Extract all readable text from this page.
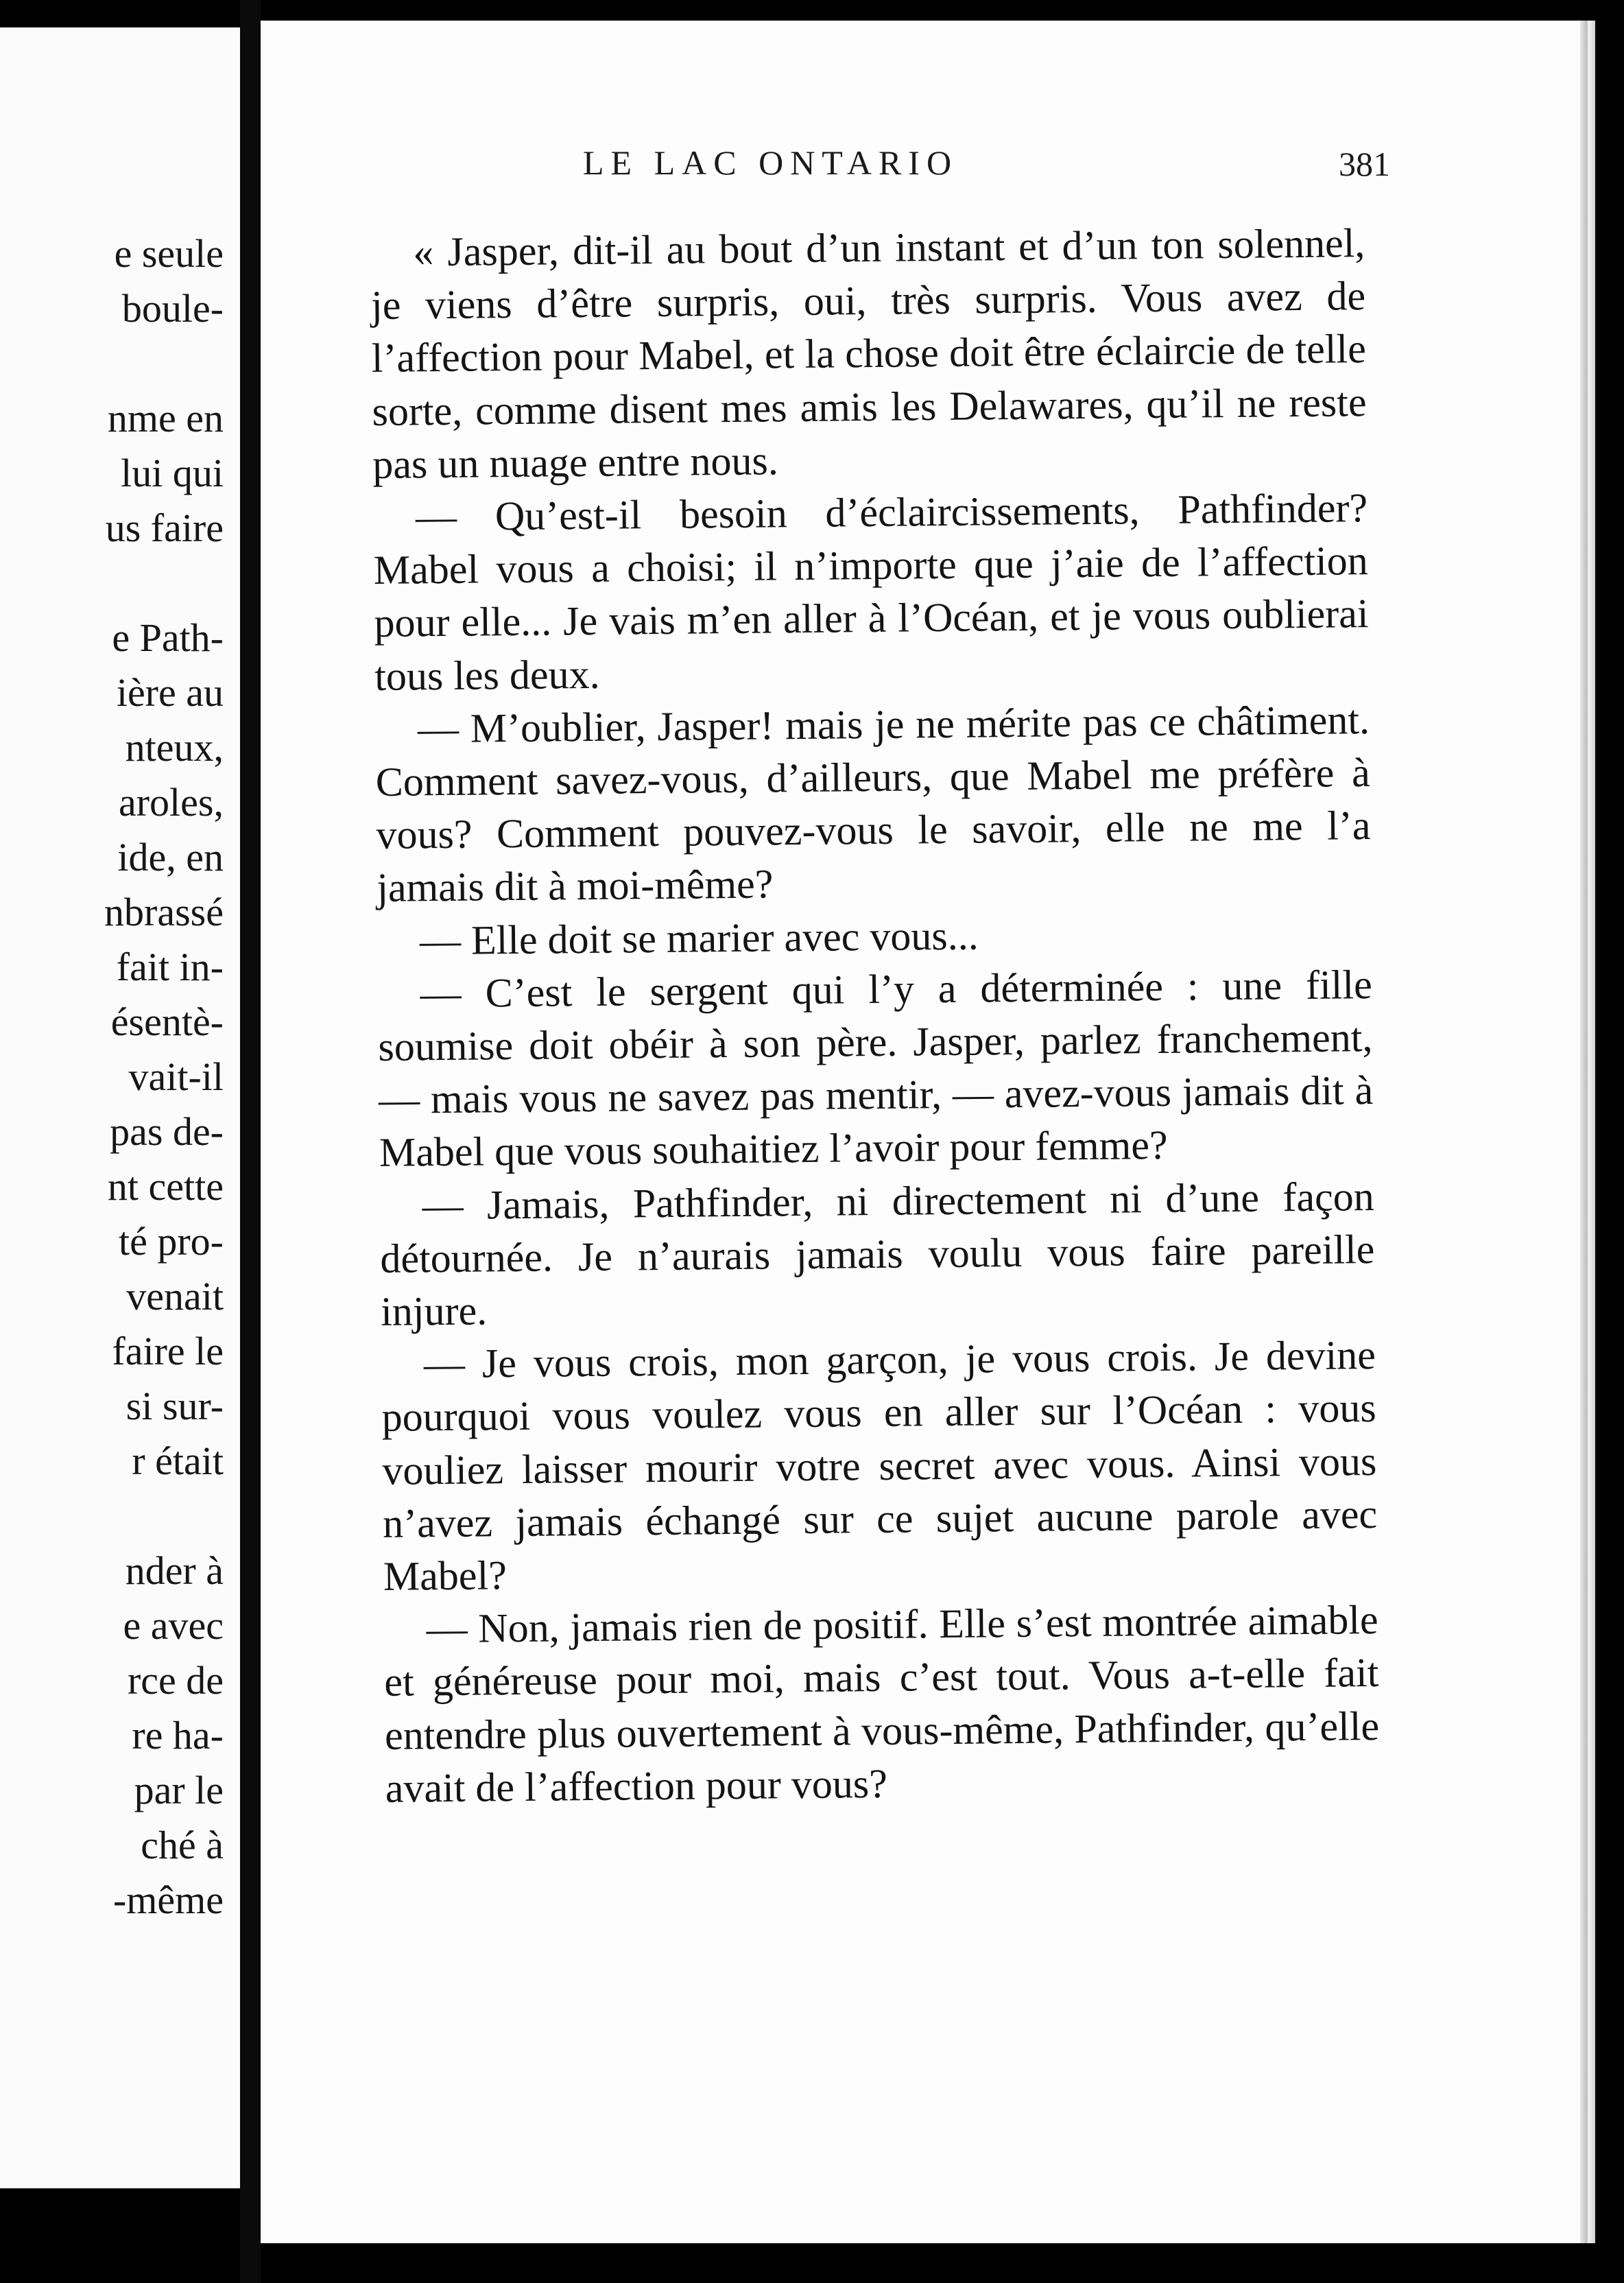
e seule
boule-
nme en
lui qui
us faire
e Path-
ière au
nteux,
aroles,
ide, en
nbrassé
fait in-
ésentè-
vait-il
pas de-
nt cette
té pro-
venait
faire le
si sur-
r était
nder à
e avec
rce de
re ha-
par le
ché à
-même
LE LAC ONTARIO	381

« Jasper, dit-il au bout d’un instant et d’un ton solennel, je viens d’être surpris, oui, très surpris. Vous avez de l’affection pour Mabel, et la chose doit être éclaircie de telle sorte, comme disent mes amis les Delawares, qu’il ne reste pas un nuage entre nous.

— Qu’est-il besoin d’éclaircissements, Pathfinder? Mabel vous a choisi; il n’importe que j’aie de l’affection pour elle... Je vais m’en aller à l’Océan, et je vous oublierai tous les deux.

— M’oublier, Jasper! mais je ne mérite pas ce châtiment. Comment savez-vous, d’ailleurs, que Mabel me préfère à vous? Comment pouvez-vous le savoir, elle ne me l’a jamais dit à moi-même?

— Elle doit se marier avec vous...

— C’est le sergent qui l’y a déterminée : une fille soumise doit obéir à son père. Jasper, parlez franchement, — mais vous ne savez pas mentir, — avez-vous jamais dit à Mabel que vous souhaitiez l’avoir pour femme?

— Jamais, Pathfinder, ni directement ni d’une façon détournée. Je n’aurais jamais voulu vous faire pareille injure.

— Je vous crois, mon garçon, je vous crois. Je devine pourquoi vous voulez vous en aller sur l’Océan : vous vouliez laisser mourir votre secret avec vous. Ainsi vous n’avez jamais échangé sur ce sujet aucune parole avec Mabel?

— Non, jamais rien de positif. Elle s’est montrée aimable et généreuse pour moi, mais c’est tout. Vous a-t-elle fait entendre plus ouvertement à vous-même, Pathfinder, qu’elle avait de l’affection pour vous?
